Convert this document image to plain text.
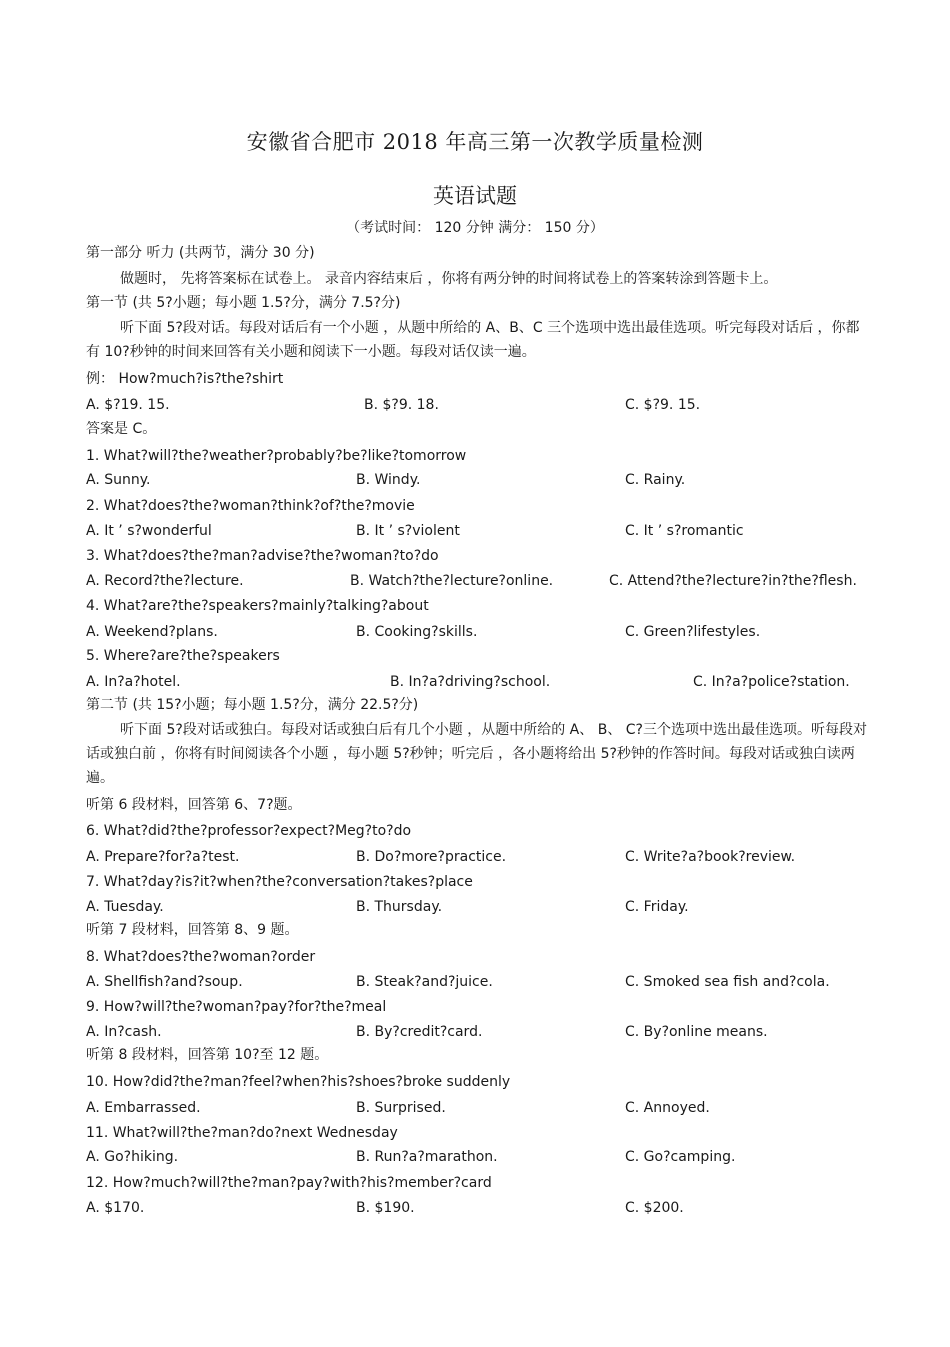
安徽省合肥市 2018 年高三第一次教学质量检测
英语试题
（考试时间： 120 分钟 满分： 150 分）
第一部分 听力 (共两节，满分 30 分)
做题时， 先将答案标在试卷上。 录音内容结束后 ，你将有两分钟的时间将试卷上的答案转涂到答题卡上。
第一节 (共 5?小题；每小题 1.5?分，满分 7.5?分)
听下面 5?段对话。每段对话后有一个小题 ，从题中所给的 A、B、C 三个选项中选出最佳选项。听完每段对话后 ，你都有 10?秒钟的时间来回答有关小题和阅读下一小题。每段对话仅读一遍。
例： How?much?is?the?shirt
A. $?19. 15.	B. $?9. 18.	C. $?9. 15.
答案是 C。
1. What?will?the?weather?probably?be?like?tomorrow
A. Sunny.	B. Windy.	C. Rainy.
2. What?does?the?woman?think?of?the?movie
A. It ’ s?wonderful	B. It ’ s?violent	C. It ’ s?romantic
3. What?does?the?man?advise?the?woman?to?do
A. Record?the?lecture.	B. Watch?the?lecture?online.	C. Attend?the?lecture?in?the?flesh.
4. What?are?the?speakers?mainly?talking?about
A. Weekend?plans.	B. Cooking?skills.	C. Green?lifestyles.
5. Where?are?the?speakers
A. In?a?hotel.	B. In?a?driving?school.	C. In?a?police?station.
第二节 (共 15?小题；每小题 1.5?分，满分 22.5?分)
听下面 5?段对话或独白。每段对话或独白后有几个小题 ，从题中所给的 A、 B、 C?三个选项中选出最佳选项。听每段对话或独白前 ，你将有时间阅读各个小题 ，每小题 5?秒钟；听完后 ，各小题将给出 5?秒钟的作答时间。每段对话或独白读两遍。
听第 6 段材料，回答第 6、7?题。
6. What?did?the?professor?expect?Meg?to?do
A. Prepare?for?a?test.	B. Do?more?practice.	C. Write?a?book?review.
7. What?day?is?it?when?the?conversation?takes?place
A. Tuesday.	B. Thursday.	C. Friday.
听第 7 段材料，回答第 8、9 题。
8. What?does?the?woman?order
A. Shellfish?and?soup.	B. Steak?and?juice.	C. Smoked sea fish and?cola.
9. How?will?the?woman?pay?for?the?meal
A. In?cash.	B. By?credit?card.	C. By?online means.
听第 8 段材料，回答第 10?至 12 题。
10. How?did?the?man?feel?when?his?shoes?broke suddenly
A. Embarrassed.	B. Surprised.	C. Annoyed.
11. What?will?the?man?do?next Wednesday
A. Go?hiking.	B. Run?a?marathon.	C. Go?camping.
12. How?much?will?the?man?pay?with?his?member?card
A. $170.	B. $190.	C. $200.
